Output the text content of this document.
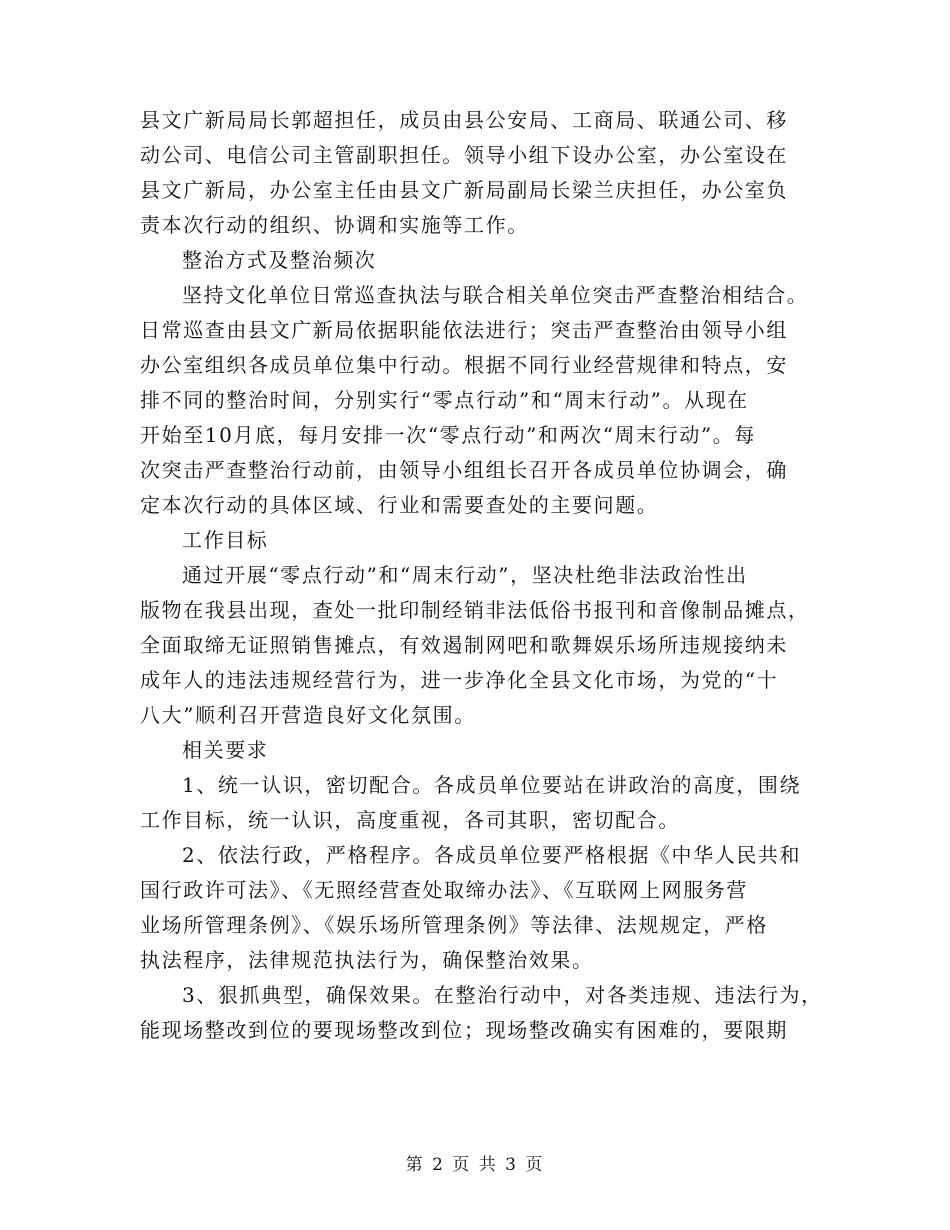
县文广新局局长郭超担任，成员由县公安局、工商局、联通公司、移
动公司、电信公司主管副职担任。领导小组下设办公室，办公室设在
县文广新局，办公室主任由县文广新局副局长梁兰庆担任，办公室负
责本次行动的组织、协调和实施等工作。
整治方式及整治频次
坚持文化单位日常巡查执法与联合相关单位突击严查整治相结合。
日常巡查由县文广新局依据职能依法进行；突击严查整治由领导小组
办公室组织各成员单位集中行动。根据不同行业经营规律和特点，安
排不同的整治时间，分别实行“零点行动”和“周末行动”。从现在
开始至10月底，每月安排一次“零点行动”和两次“周末行动”。每
次突击严查整治行动前，由领导小组组长召开各成员单位协调会，确
定本次行动的具体区域、行业和需要查处的主要问题。
工作目标
通过开展“零点行动”和“周末行动”，坚决杜绝非法政治性出
版物在我县出现，查处一批印制经销非法低俗书报刊和音像制品摊点，
全面取缔无证照销售摊点，有效遏制网吧和歌舞娱乐场所违规接纳未
成年人的违法违规经营行为，进一步净化全县文化市场，为党的“十
八大”顺利召开营造良好文化氛围。
相关要求
1、统一认识，密切配合。各成员单位要站在讲政治的高度，围绕
工作目标，统一认识，高度重视，各司其职，密切配合。
2、依法行政，严格程序。各成员单位要严格根据《中华人民共和
国行政许可法》、《无照经营查处取缔办法》、《互联网上网服务营
业场所管理条例》、《娱乐场所管理条例》等法律、法规规定，严格
执法程序，法律规范执法行为，确保整治效果。
3、狠抓典型，确保效果。在整治行动中，对各类违规、违法行为，
能现场整改到位的要现场整改到位；现场整改确实有困难的，要限期
第 2 页 共 3 页
